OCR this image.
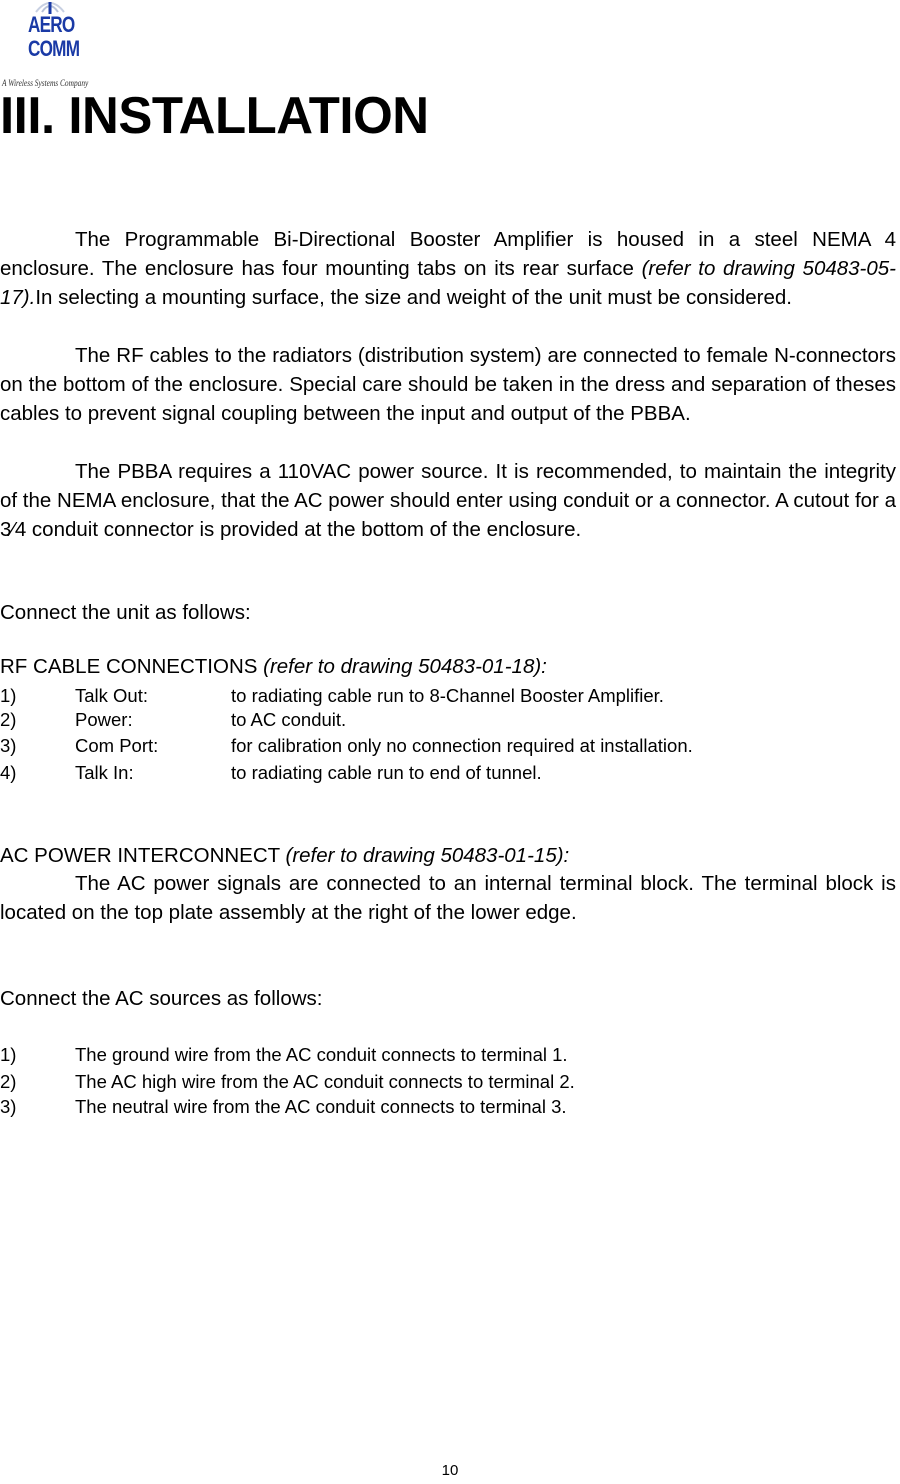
AERO
COMM
A Wireless Systems Company
III. INSTALLATION

The Programmable Bi-Directional Booster Amplifier is housed in a steel NEMA 4 enclosure. The enclosure has four mounting tabs on its rear surface (refer to drawing 50483-05-17).In selecting a mounting surface, the size and weight of the unit must be considered.

The RF cables to the radiators (distribution system) are connected to female N-connectors on the bottom of the enclosure. Special care should be taken in the dress and separation of theses cables to prevent signal coupling between the input and output of the PBBA.

The PBBA requires a 110VAC power source. It is recommended, to maintain the integrity of the NEMA enclosure, that the AC power should enter using conduit or a connector. A cutout for a 3⁄4 conduit connector is provided at the bottom of the enclosure.

Connect the unit as follows:
RF CABLE CONNECTIONS (refer to drawing 50483-01-18):
1)	Talk Out:	to radiating cable run to 8-Channel Booster Amplifier.
2)	Power:	to AC conduit.
3)	Com Port:	for calibration only no connection required at installation.
4)	Talk In:	to radiating cable run to end of tunnel.
AC POWER INTERCONNECT (refer to drawing 50483-01-15):

The AC power signals are connected to an internal terminal block. The terminal block is located on the top plate assembly at the right of the lower edge.

Connect the AC sources as follows:
1)	The ground wire from the AC conduit connects to terminal 1.
2)	The AC high wire from the AC conduit connects to terminal 2.
3)	The neutral wire from the AC conduit connects to terminal 3.
10
